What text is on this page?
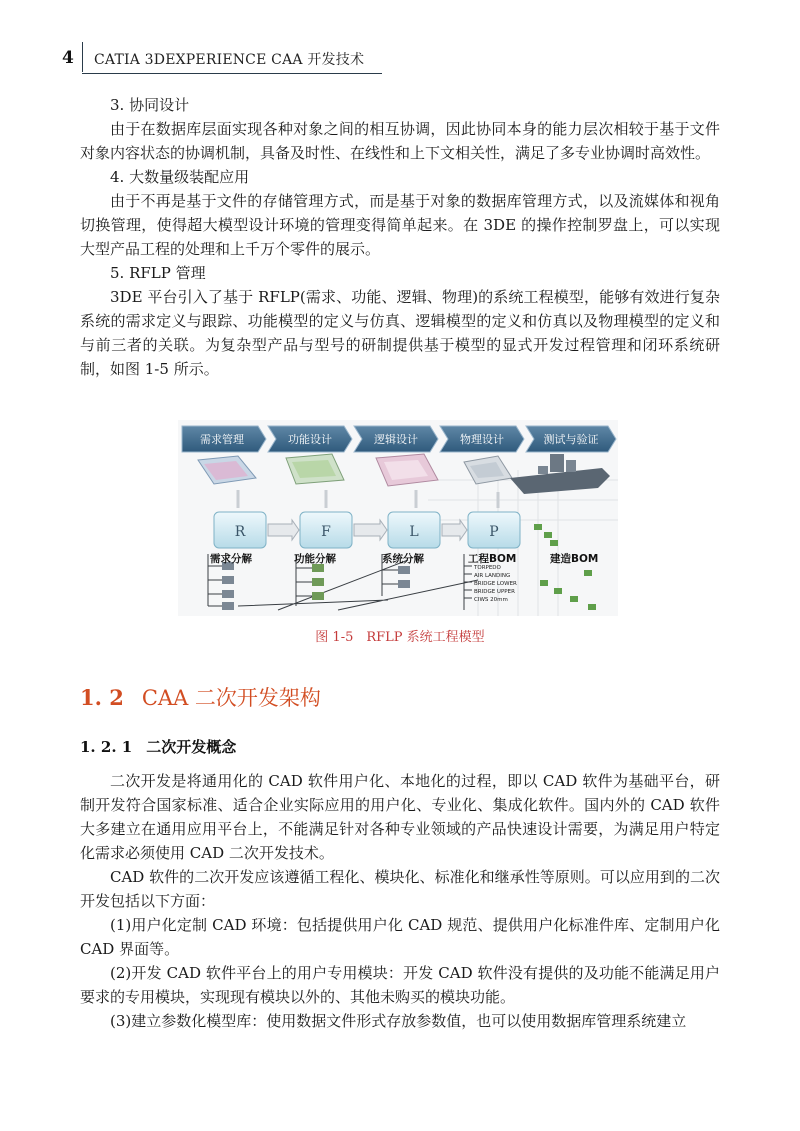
4 CATIA 3DEXPERIENCE CAA 开发技术

3. 协同设计

由于在数据库层面实现各种对象之间的相互协调，因此协同本身的能力层次相较于基于文件对象内容状态的协调机制，具备及时性、在线性和上下文相关性，满足了多专业协调时高效性。

4. 大数量级装配应用

由于不再是基于文件的存储管理方式，而是基于对象的数据库管理方式，以及流媒体和视角切换管理，使得超大模型设计环境的管理变得简单起来。在 3DE 的操作控制罗盘上，可以实现大型产品工程的处理和上千万个零件的展示。

5. RFLP 管理

3DE 平台引入了基于 RFLP(需求、功能、逻辑、物理)的系统工程模型，能够有效进行复杂系统的需求定义与跟踪、功能模型的定义与仿真、逻辑模型的定义和仿真以及物理模型的定义和与前三者的关联。为复杂型产品与型号的研制提供基于模型的显式开发过程管理和闭环系统研制，如图 1-5 所示。

需求管理	功能设计	逻辑设计	物理设计	测试与验证
R	F	L	P
需求分解	功能分解	系统分解	工程BOM	建造BOM
TORPEDO
AIR LANDING
BRIDGE LOWER
BRIDGE UPPER
CIWS 20mm
图 1-5　RFLP 系统工程模型
1. 2 CAA 二次开发架构
1. 2. 1 二次开发概念

二次开发是将通用化的 CAD 软件用户化、本地化的过程，即以 CAD 软件为基础平台，研制开发符合国家标准、适合企业实际应用的用户化、专业化、集成化软件。国内外的 CAD 软件大多建立在通用应用平台上，不能满足针对各种专业领域的产品快速设计需要，为满足用户特定化需求必须使用 CAD 二次开发技术。

CAD 软件的二次开发应该遵循工程化、模块化、标准化和继承性等原则。可以应用到的二次开发包括以下方面：

(1)用户化定制 CAD 环境：包括提供用户化 CAD 规范、提供用户化标准件库、定制用户化 CAD 界面等。

(2)开发 CAD 软件平台上的用户专用模块：开发 CAD 软件没有提供的及功能不能满足用户要求的专用模块，实现现有模块以外的、其他未购买的模块功能。

(3)建立参数化模型库：使用数据文件形式存放参数值，也可以使用数据库管理系统建立
